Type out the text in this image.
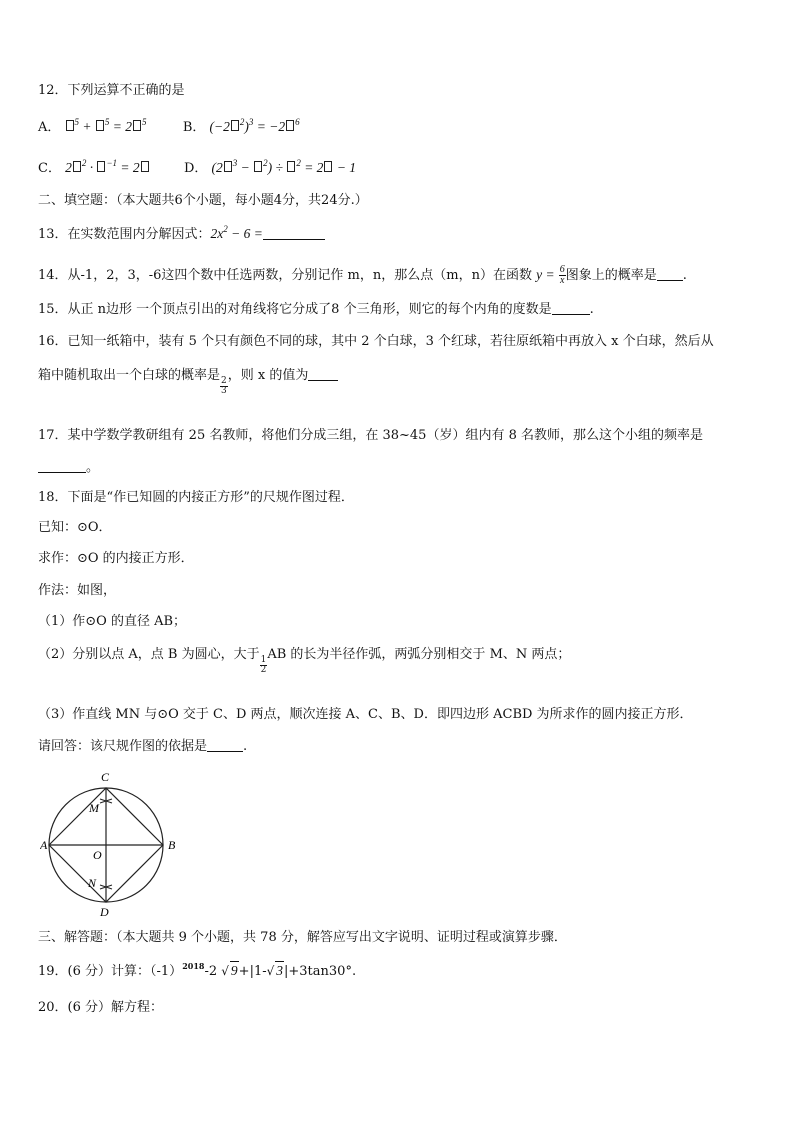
12．下列运算不正确的是
A． $^5$ + $^5$ = 2 $^5$	B． (−2 $^2$)$^3$ = −2 $^6$
C． 2 $^2$ · $^{-1}$ = 2	D． (2 $^3$ − $^2$) ÷ $^2$ = 2 − 1
二、填空题：（本大题共6个小题，每小题4分，共24分.）
13．在实数范围内分解因式：$2x^2 - 6$ =
14．从-1，2，3，-6这四个数中任选两数，分别记作 m，n，那么点（m，n）在函数 $y = \frac{6}{x}$ 图象上的概率是 .
15．从正 n边形 一个顶点引出的对角线将它分成了8 个三角形，则它的每个内角的度数是	.
16．已知一纸箱中，装有 5 个只有颜色不同的球，其中 2 个白球，3 个红球，若往原纸箱中再放入 x 个白球，然后从
箱中随机取出一个白球的概率是
$\frac{2}{3}$
，则 x 的值为
17．某中学数学教研组有 25 名教师，将他们分成三组，在 38~45（岁）组内有 8 名教师，那么这个小组的频率是
。
18．下面是“作已知圆的内接正方形”的尺规作图过程．
已知：⊙O．
求作：⊙O 的内接正方形．
作法：如图，
（1）作⊙O 的直径 AB；
（2）分别以点 A，点 B 为圆心，大于
$\frac{1}{2}$
AB 的长为半径作弧，两弧分别相交于 M、N 两点；
（3）作直线 MN 与⊙O 交于 C、D 两点，顺次连接 A、C、B、D．即四边形 ACBD 为所求作的圆内接正方形．
请回答：该尺规作图的依据是	.
C
M
A
O
B
N
D
三、解答题：（本大题共 9 个小题，共 78 分，解答应写出文字说明、证明过程或演算步骤．
19．(6 分）计算：$(-1)^{2018}-2$ √ 9+|1-√ 3|+3tan30°.
20．(6 分）解方程：
